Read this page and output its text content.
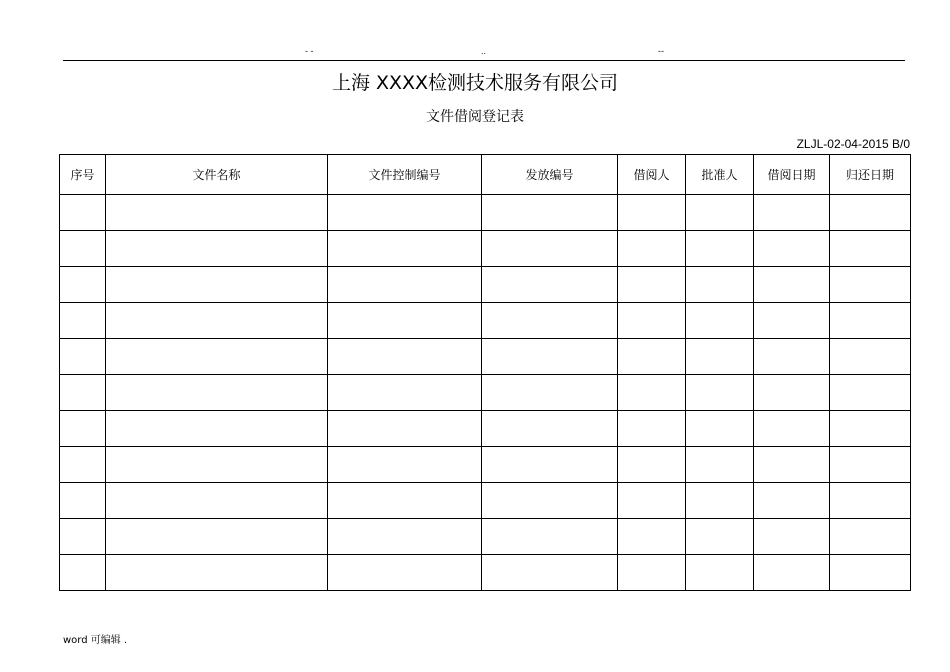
- -	..	--
上海 XXXX检测技术服务有限公司
文件借阅登记表
ZLJL-02-04-2015 B/0
序号	文件名称	文件控制编号	发放编号	借阅人	批准人	借阅日期	归还日期

word 可编辑 .
